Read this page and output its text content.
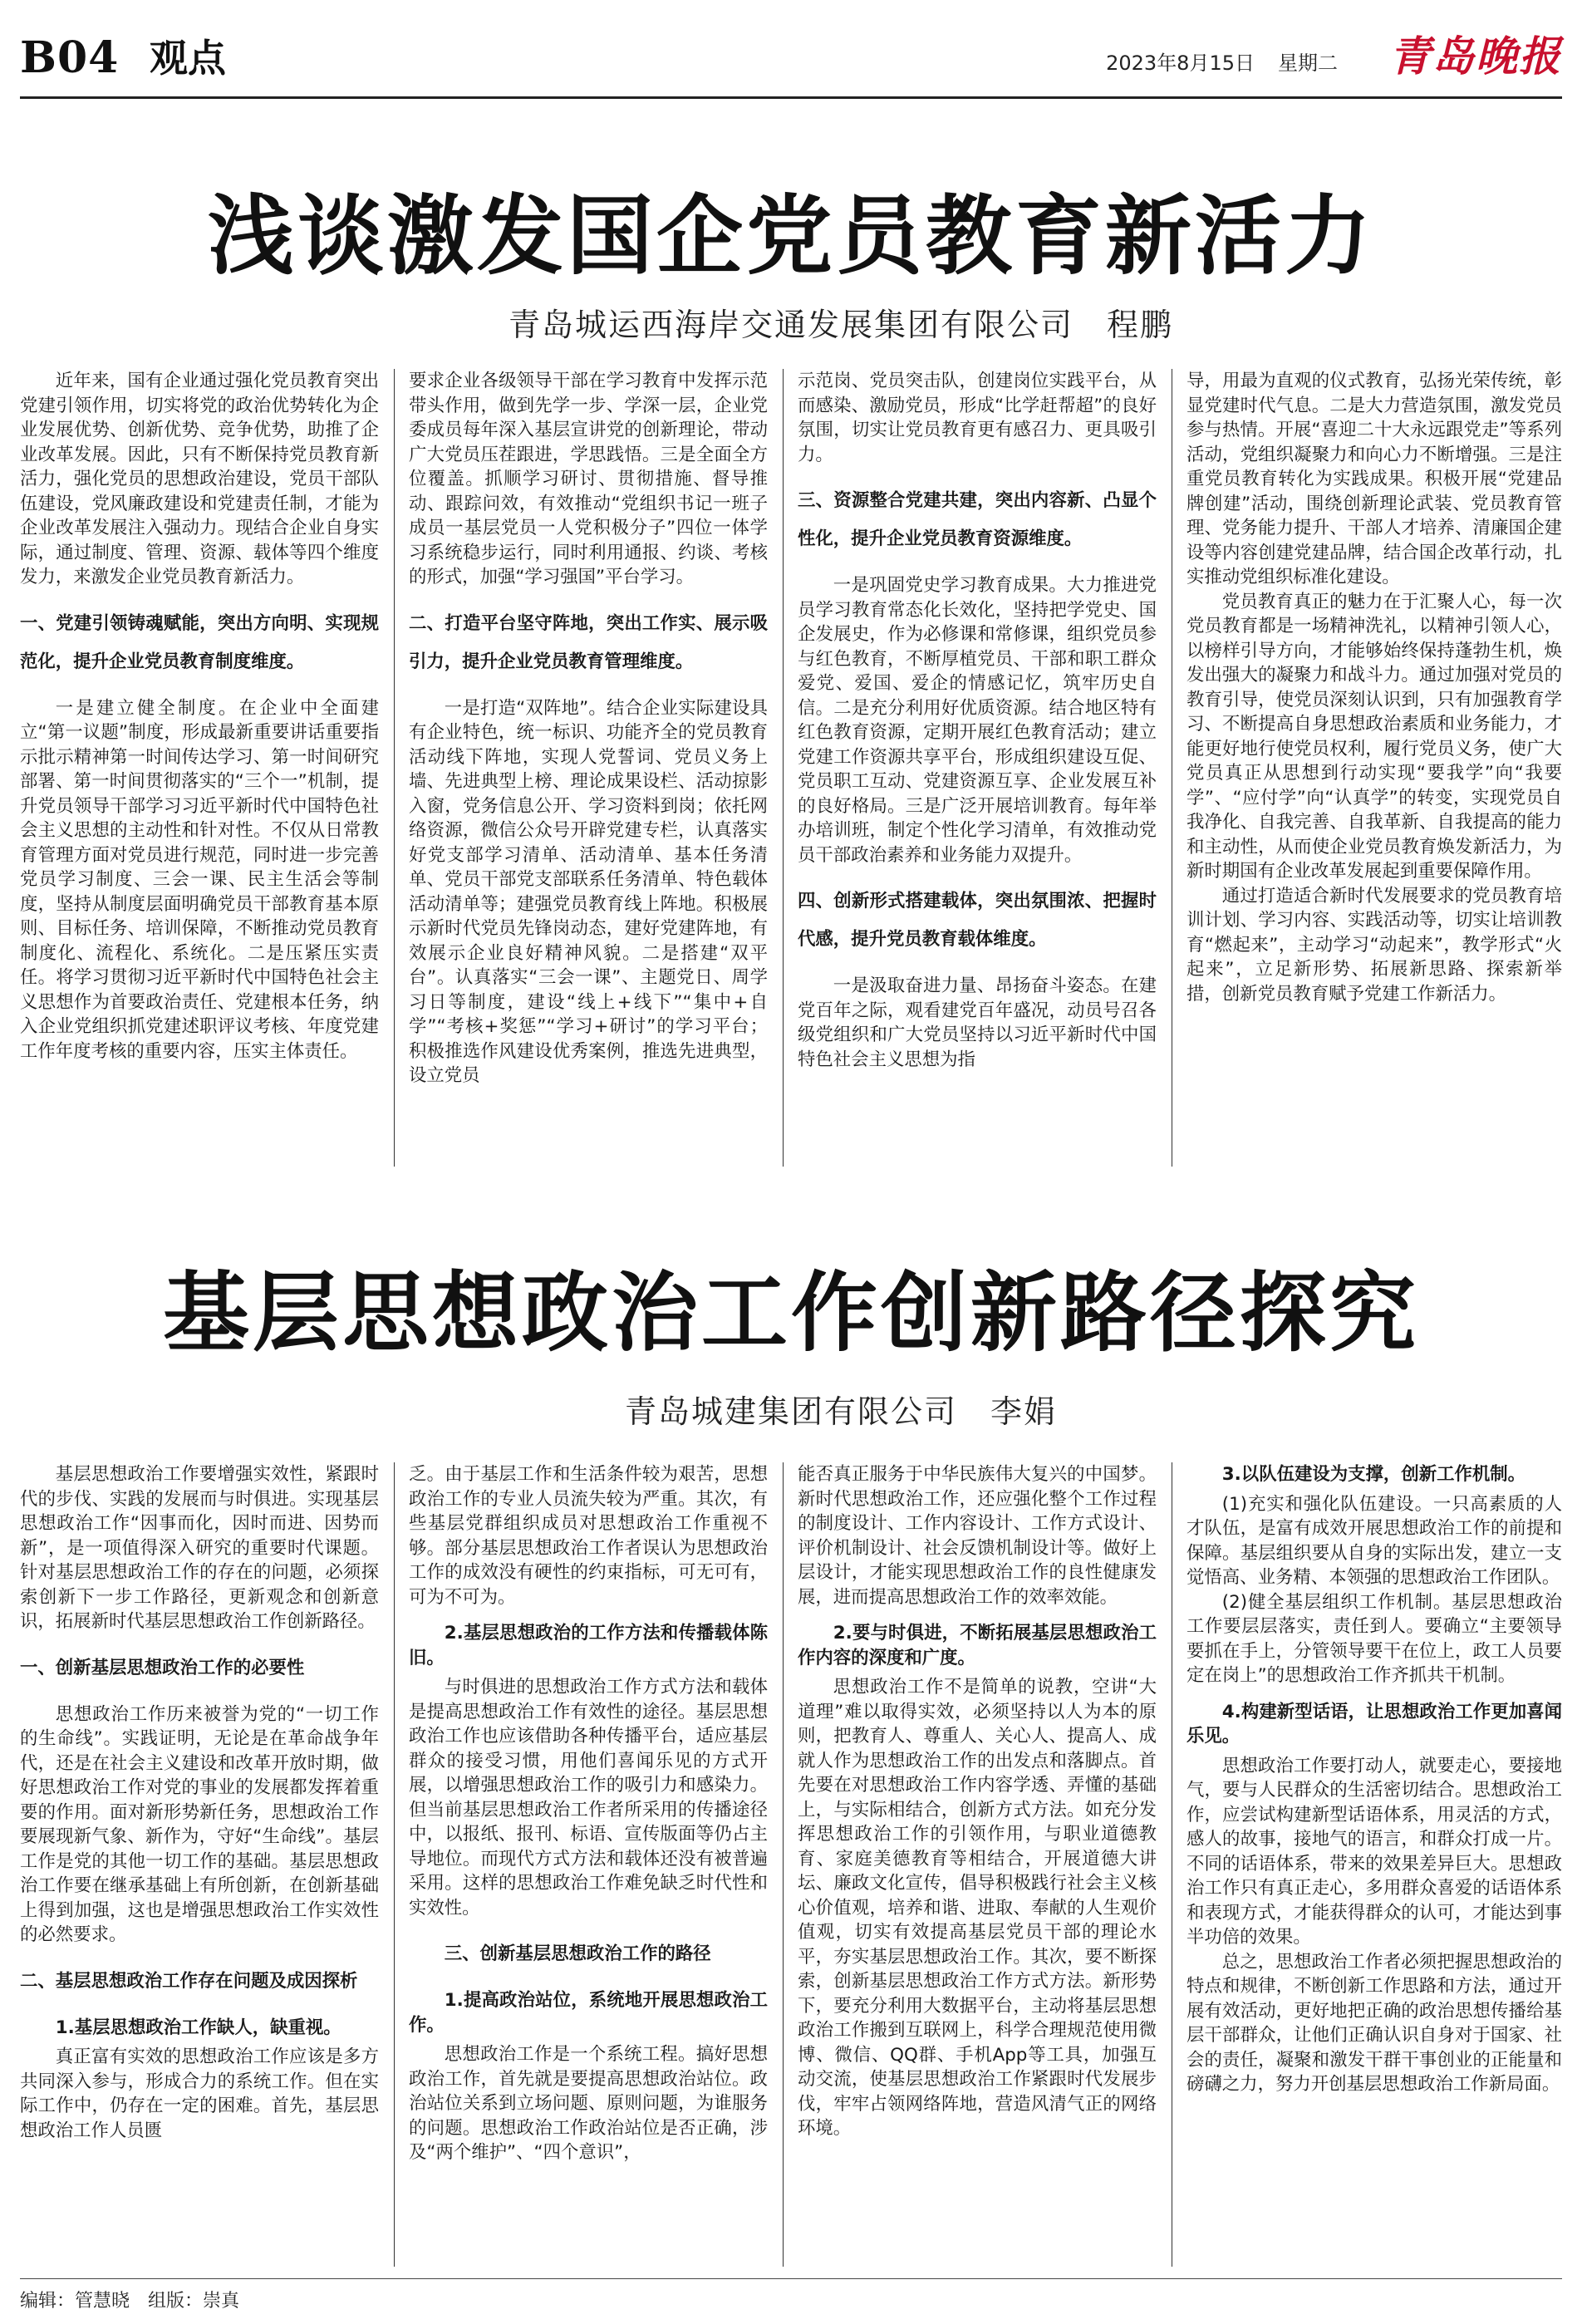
B04 观点	2023年8月15日 星期二 青岛晚报
浅谈激发国企党员教育新活力
青岛城运西海岸交通发展集团有限公司　程鹏

近年来，国有企业通过强化党员教育突出党建引领作用，切实将党的政治优势转化为企业发展优势、创新优势、竞争优势，助推了企业改革发展。因此，只有不断保持党员教育新活力，强化党员的思想政治建设，党员干部队伍建设，党风廉政建设和党建责任制，才能为企业改革发展注入强动力。现结合企业自身实际，通过制度、管理、资源、载体等四个维度发力，来激发企业党员教育新活力。

一、党建引领铸魂赋能，突出方向明、实现规范化，提升企业党员教育制度维度。

一是建立健全制度。在企业中全面建立“第一议题”制度，形成最新重要讲话重要指示批示精神第一时间传达学习、第一时间研究部署、第一时间贯彻落实的“三个一”机制，提升党员领导干部学习习近平新时代中国特色社会主义思想的主动性和针对性。不仅从日常教育管理方面对党员进行规范，同时进一步完善党员学习制度、三会一课、民主生活会等制度，坚持从制度层面明确党员干部教育基本原则、目标任务、培训保障，不断推动党员教育制度化、流程化、系统化。二是压紧压实责任。将学习贯彻习近平新时代中国特色社会主义思想作为首要政治责任、党建根本任务，纳入企业党组织抓党建述职评议考核、年度党建工作年度考核的重要内容，压实主体责任。

要求企业各级领导干部在学习教育中发挥示范带头作用，做到先学一步、学深一层，企业党委成员每年深入基层宣讲党的创新理论，带动广大党员压茬跟进，学思践悟。三是全面全方位覆盖。抓顺学习研讨、贯彻措施、督导推动、跟踪问效，有效推动“党组织书记一班子成员一基层党员一人党积极分子”四位一体学习系统稳步运行，同时利用通报、约谈、考核的形式，加强“学习强国”平台学习。

二、打造平台坚守阵地，突出工作实、展示吸引力，提升企业党员教育管理维度。

一是打造“双阵地”。结合企业实际建设具有企业特色，统一标识、功能齐全的党员教育活动线下阵地，实现人党誓词、党员义务上墙、先进典型上榜、理论成果设栏、活动掠影入窗，党务信息公开、学习资料到岗；依托网络资源，微信公众号开辟党建专栏，认真落实好党支部学习清单、活动清单、基本任务清单、党员干部党支部联系任务清单、特色载体活动清单等；建强党员教育线上阵地。积极展示新时代党员先锋岗动态，建好党建阵地，有效展示企业良好精神风貌。二是搭建“双平台”。认真落实“三会一课”、主题党日、周学习日等制度，建设“线上+线下”“集中+自学”“考核+奖惩”“学习+研讨”的学习平台；积极推选作风建设优秀案例，推选先进典型，设立党员

示范岗、党员突击队，创建岗位实践平台，从而感染、激励党员，形成“比学赶帮超”的良好氛围，切实让党员教育更有感召力、更具吸引力。

三、资源整合党建共建，突出内容新、凸显个性化，提升企业党员教育资源维度。

一是巩固党史学习教育成果。大力推进党员学习教育常态化长效化，坚持把学党史、国企发展史，作为必修课和常修课，组织党员参与红色教育，不断厚植党员、干部和职工群众爱党、爱国、爱企的情感记忆，筑牢历史自信。二是充分利用好优质资源。结合地区特有红色教育资源，定期开展红色教育活动；建立党建工作资源共享平台，形成组织建设互促、党员职工互动、党建资源互享、企业发展互补的良好格局。三是广泛开展培训教育。每年举办培训班，制定个性化学习清单，有效推动党员干部政治素养和业务能力双提升。

四、创新形式搭建载体，突出氛围浓、把握时代感，提升党员教育载体维度。

一是汲取奋进力量、昂扬奋斗姿态。在建党百年之际，观看建党百年盛况，动员号召各级党组织和广大党员坚持以习近平新时代中国特色社会主义思想为指

导，用最为直观的仪式教育，弘扬光荣传统，彰显党建时代气息。二是大力营造氛围，激发党员参与热情。开展“喜迎二十大永远跟党走”等系列活动，党组织凝聚力和向心力不断增强。三是注重党员教育转化为实践成果。积极开展“党建品牌创建”活动，围绕创新理论武装、党员教育管理、党务能力提升、干部人才培养、清廉国企建设等内容创建党建品牌，结合国企改革行动，扎实推动党组织标准化建设。

党员教育真正的魅力在于汇聚人心，每一次党员教育都是一场精神洗礼，以精神引领人心，以榜样引导方向，才能够始终保持蓬勃生机，焕发出强大的凝聚力和战斗力。通过加强对党员的教育引导，使党员深刻认识到，只有加强教育学习、不断提高自身思想政治素质和业务能力，才能更好地行使党员权利，履行党员义务，使广大党员真正从思想到行动实现“要我学”向“我要学”、“应付学”向“认真学”的转变，实现党员自我净化、自我完善、自我革新、自我提高的能力和主动性，从而使企业党员教育焕发新活力，为新时期国有企业改革发展起到重要保障作用。

通过打造适合新时代发展要求的党员教育培训计划、学习内容、实践活动等，切实让培训教育“燃起来”，主动学习“动起来”，教学形式“火起来”，立足新形势、拓展新思路、探索新举措，创新党员教育赋予党建工作新活力。

基层思想政治工作创新路径探究
青岛城建集团有限公司　李娟

基层思想政治工作要增强实效性，紧跟时代的步伐、实践的发展而与时俱进。实现基层思想政治工作“因事而化，因时而进、因势而新”，是一项值得深入研究的重要时代课题。针对基层思想政治工作的存在的问题，必须探索创新下一步工作路径，更新观念和创新意识，拓展新时代基层思想政治工作创新路径。

一、创新基层思想政治工作的必要性

思想政治工作历来被誉为党的“一切工作的生命线”。实践证明，无论是在革命战争年代，还是在社会主义建设和改革开放时期，做好思想政治工作对党的事业的发展都发挥着重要的作用。面对新形势新任务，思想政治工作要展现新气象、新作为，守好“生命线”。基层工作是党的其他一切工作的基础。基层思想政治工作要在继承基础上有所创新，在创新基础上得到加强，这也是增强思想政治工作实效性的必然要求。

二、基层思想政治工作存在问题及成因探析

1.基层思想政治工作缺人，缺重视。

真正富有实效的思想政治工作应该是多方共同深入参与，形成合力的系统工作。但在实际工作中，仍存在一定的困难。首先，基层思想政治工作人员匮

乏。由于基层工作和生活条件较为艰苦，思想政治工作的专业人员流失较为严重。其次，有些基层党群组织成员对思想政治工作重视不够。部分基层思想政治工作者误认为思想政治工作的成效没有硬性的约束指标，可无可有，可为不可为。

2.基层思想政治的工作方法和传播载体陈旧。

与时俱进的思想政治工作方式方法和载体是提高思想政治工作有效性的途径。基层思想政治工作也应该借助各种传播平台，适应基层群众的接受习惯，用他们喜闻乐见的方式开展，以增强思想政治工作的吸引力和感染力。但当前基层思想政治工作者所采用的传播途径中，以报纸、报刊、标语、宣传版面等仍占主导地位。而现代方式方法和载体还没有被普遍采用。这样的思想政治工作难免缺乏时代性和实效性。

三、创新基层思想政治工作的路径

1.提高政治站位，系统地开展思想政治工作。

思想政治工作是一个系统工程。搞好思想政治工作，首先就是要提高思想政治站位。政治站位关系到立场问题、原则问题，为谁服务的问题。思想政治工作政治站位是否正确，涉及“两个维护”、“四个意识”，

能否真正服务于中华民族伟大复兴的中国梦。新时代思想政治工作，还应强化整个工作过程的制度设计、工作内容设计、工作方式设计、评价机制设计、社会反馈机制设计等。做好上层设计，才能实现思想政治工作的良性健康发展，进而提高思想政治工作的效率效能。

2.要与时俱进，不断拓展基层思想政治工作内容的深度和广度。

思想政治工作不是简单的说教，空讲“大道理”难以取得实效，必须坚持以人为本的原则，把教育人、尊重人、关心人、提高人、成就人作为思想政治工作的出发点和落脚点。首先要在对思想政治工作内容学透、弄懂的基础上，与实际相结合，创新方式方法。如充分发挥思想政治工作的引领作用，与职业道德教育、家庭美德教育等相结合，开展道德大讲坛、廉政文化宣传，倡导积极践行社会主义核心价值观，培养和谐、进取、奉献的人生观价值观，切实有效提高基层党员干部的理论水平，夯实基层思想政治工作。其次，要不断探索，创新基层思想政治工作方式方法。新形势下，要充分利用大数据平台，主动将基层思想政治工作搬到互联网上，科学合理规范使用微博、微信、QQ群、手机App等工具，加强互动交流，使基层思想政治工作紧跟时代发展步伐，牢牢占领网络阵地，营造风清气正的网络环境。

3.以队伍建设为支撑，创新工作机制。

(1)充实和强化队伍建设。一只高素质的人才队伍，是富有成效开展思想政治工作的前提和保障。基层组织要从自身的实际出发，建立一支觉悟高、业务精、本领强的思想政治工作团队。

(2)健全基层组织工作机制。基层思想政治工作要层层落实，责任到人。要确立“主要领导要抓在手上，分管领导要干在位上，政工人员要定在岗上”的思想政治工作齐抓共干机制。

4.构建新型话语，让思想政治工作更加喜闻乐见。

思想政治工作要打动人，就要走心，要接地气，要与人民群众的生活密切结合。思想政治工作，应尝试构建新型话语体系，用灵活的方式，感人的故事，接地气的语言，和群众打成一片。不同的话语体系，带来的效果差异巨大。思想政治工作只有真正走心，多用群众喜爱的话语体系和表现方式，才能获得群众的认可，才能达到事半功倍的效果。

总之，思想政治工作者必须把握思想政治的特点和规律，不断创新工作思路和方法，通过开展有效活动，更好地把正确的政治思想传播给基层干部群众，让他们正确认识自身对于国家、社会的责任，凝聚和激发干群干事创业的正能量和磅礴之力，努力开创基层思想政治工作新局面。

编辑：管慧晓　组版：崇真
